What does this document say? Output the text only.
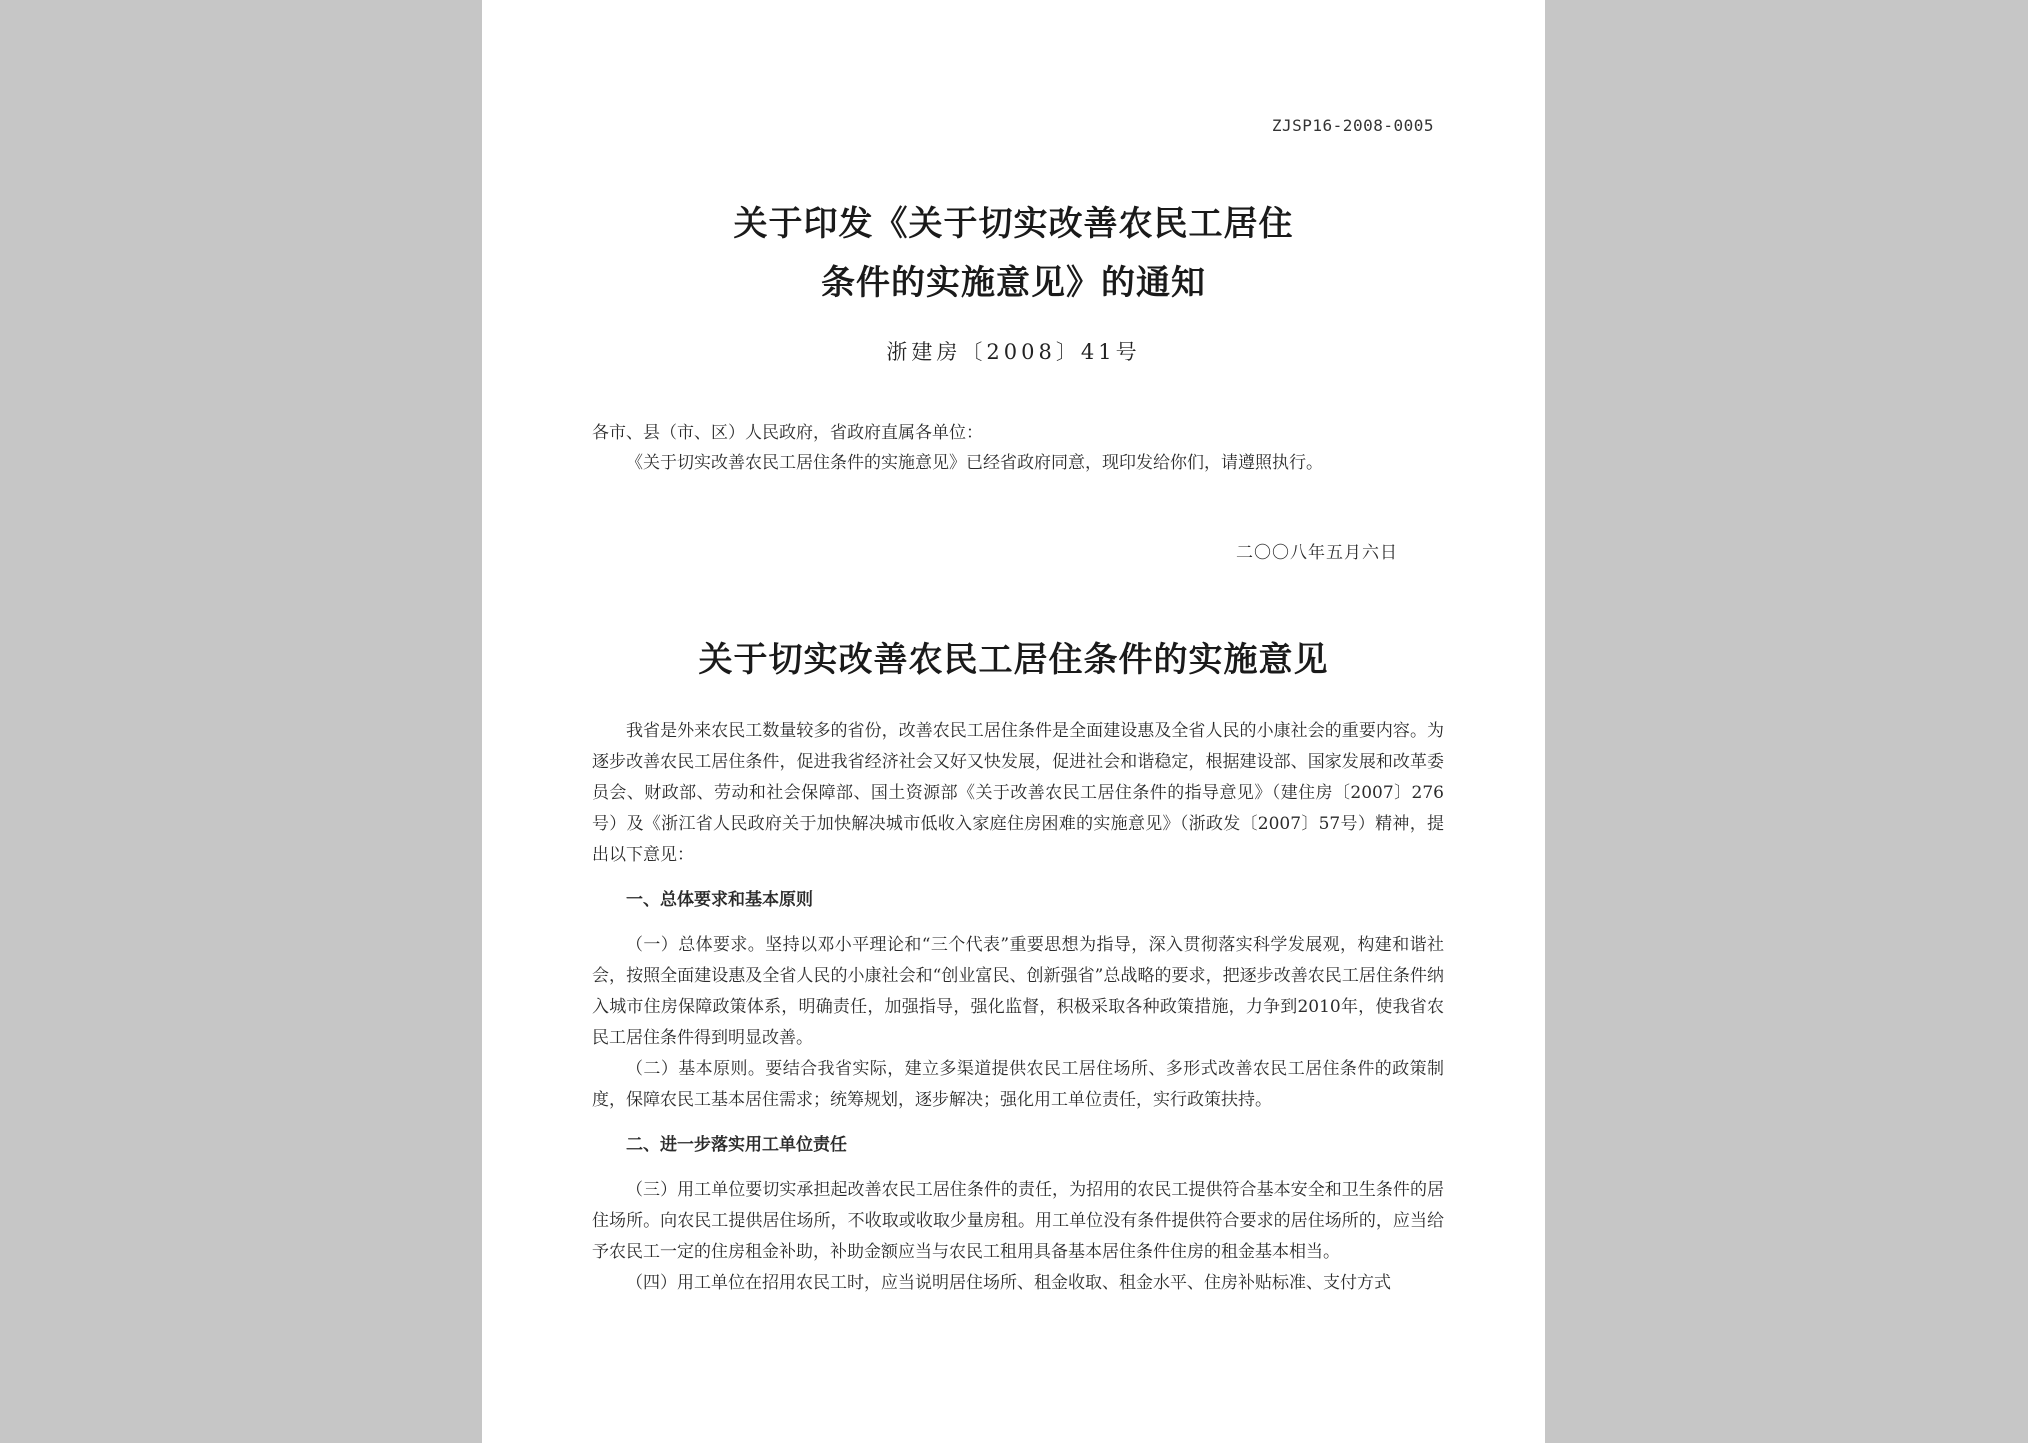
ZJSP16-2008-0005
关于印发《关于切实改善农民工居住
条件的实施意见》的通知
浙建房〔2008〕41号
各市、县（市、区）人民政府，省政府直属各单位：
《关于切实改善农民工居住条件的实施意见》已经省政府同意，现印发给你们，请遵照执行。
二〇〇八年五月六日
关于切实改善农民工居住条件的实施意见

我省是外来农民工数量较多的省份，改善农民工居住条件是全面建设惠及全省人民的小康社会的重要内容。为逐步改善农民工居住条件，促进我省经济社会又好又快发展，促进社会和谐稳定，根据建设部、国家发展和改革委员会、财政部、劳动和社会保障部、国土资源部《关于改善农民工居住条件的指导意见》（建住房〔2007〕276号）及《浙江省人民政府关于加快解决城市低收入家庭住房困难的实施意见》（浙政发〔2007〕57号）精神，提出以下意见：

一、总体要求和基本原则

（一）总体要求。坚持以邓小平理论和“三个代表”重要思想为指导，深入贯彻落实科学发展观，构建和谐社会，按照全面建设惠及全省人民的小康社会和“创业富民、创新强省”总战略的要求，把逐步改善农民工居住条件纳入城市住房保障政策体系，明确责任，加强指导，强化监督，积极采取各种政策措施，力争到2010年，使我省农民工居住条件得到明显改善。

（二）基本原则。要结合我省实际，建立多渠道提供农民工居住场所、多形式改善农民工居住条件的政策制度，保障农民工基本居住需求；统筹规划，逐步解决；强化用工单位责任，实行政策扶持。

二、进一步落实用工单位责任

（三）用工单位要切实承担起改善农民工居住条件的责任，为招用的农民工提供符合基本安全和卫生条件的居住场所。向农民工提供居住场所，不收取或收取少量房租。用工单位没有条件提供符合要求的居住场所的，应当给予农民工一定的住房租金补助，补助金额应当与农民工租用具备基本居住条件住房的租金基本相当。

（四）用工单位在招用农民工时，应当说明居住场所、租金收取、租金水平、住房补贴标准、支付方式
